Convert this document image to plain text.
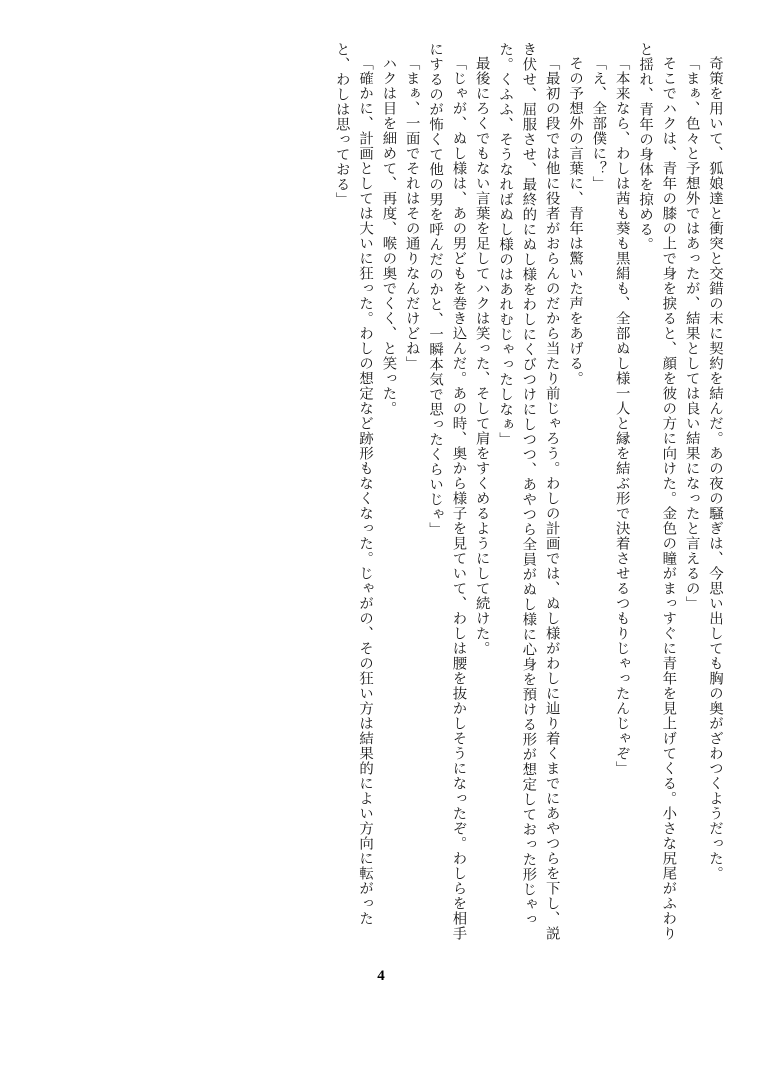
奇策を用いて、狐娘達と衝突と交錯の末に契約を結んだ。あの夜の騒ぎは、今思い出しても胸の奥がざわつくようだった。

「まぁ、色々と予想外ではあったが、結果としては良い結果になったと言えるの」

そこでハクは、青年の膝の上で身を捩ると、顔を彼の方に向けた。金色の瞳がまっすぐに青年を見上げてくる。小さな尻尾がふわりと揺れ、青年の身体を掠める。

「本来なら、わしは茜も葵も黒絹も、全部ぬし様一人と縁を結ぶ形で決着させるつもりじゃったんじゃぞ」

「え、全部僕に？」

その予想外の言葉に、青年は驚いた声をあげる。

「最初の段では他に役者がおらんのだから当たり前じゃろう。わしの計画では、ぬし様がわしに辿り着くまでにあやつらを下し、説き伏せ、屈服させ、最終的にぬし様をわしにくびつけにしつつ、あやつら全員がぬし様に心身を預ける形が想定しておった形じゃった。くふふ、そうなればぬし様のはあれむじゃったしなぁ」

最後にろくでもない言葉を足してハクは笑った、そして肩をすくめるようにして続けた。

「じゃが、ぬし様は、あの男どもを巻き込んだ。あの時、奥から様子を見ていて、わしは腰を抜かしそうになったぞ。わしらを相手にするのが怖くて他の男を呼んだのかと、一瞬本気で思ったくらいじゃ」

「まぁ、一面でそれはその通りなんだけどね」

ハクは目を細めて、再度、喉の奥でくく、と笑った。

「確かに、計画としては大いに狂った。わしの想定など跡形もなくなった。じゃがの、その狂い方は結果的によい方向に転がったと、わしは思っておる」

4
